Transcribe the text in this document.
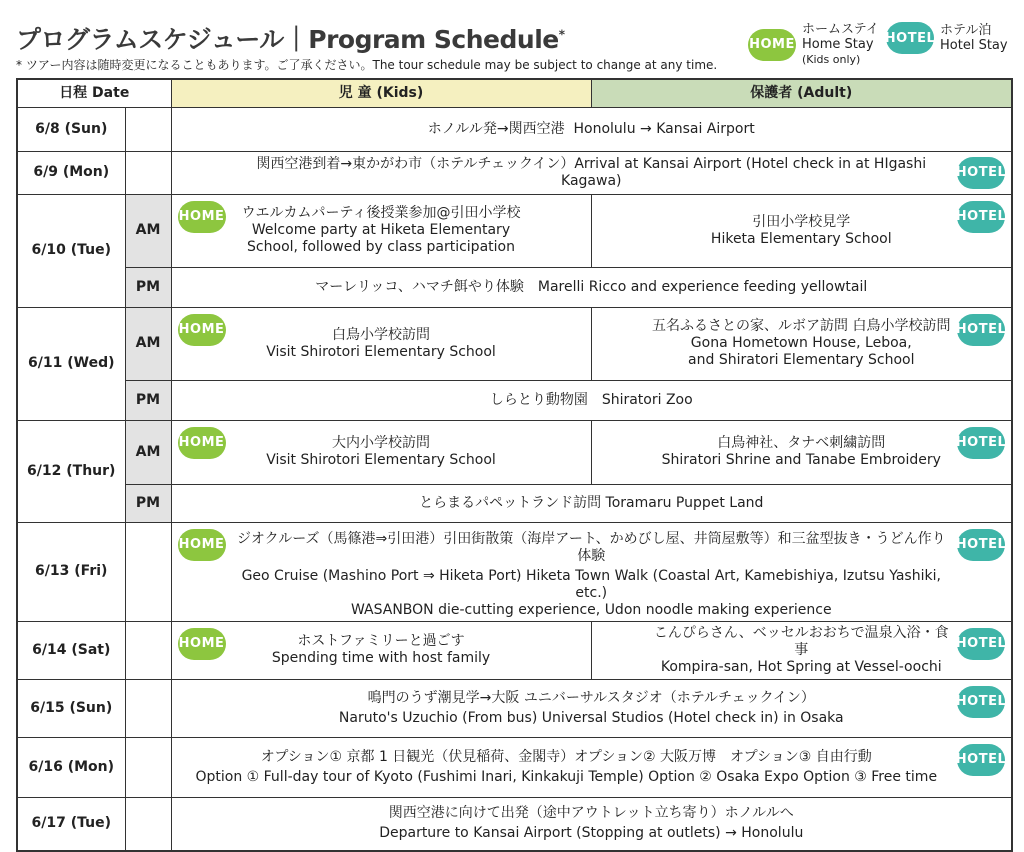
プログラムスケジュール｜Program Schedule*
* ツアー内容は随時変更になることもあります。ご了承ください。The tour schedule may be subject to change at any time.
HOME
ホームステイ
Home Stay
(Kids only)
HOTEL ホテル泊
Hotel Stay
日程 Date		児 童 (Kids)	保護者 (Adult)
6/8 (Sun)		ホノルル発→関西空港 Honolulu → Kansai Airport	
6/9 (Mon)		関西空港到着→東かがわ市（ホテルチェックイン）Arrival at Kansai Airport (Hotel check in at HIgashi Kagawa) HOTEL	

6/10 (Tue)	AM	HOME ウエルカムパーティ後授業参加@引田小学校
Welcome party at Hiketa Elementary
School, followed by class participation	HOTEL
引田小学校見学
Hiketa Elementary School

	PM	マーレリッコ、ハマチ餌やり体験　Marelli Ricco and experience feeding yellowtail	
6/11 (Wed)	AM	HOME 白鳥小学校訪問
Visit Shirotori Elementary School	HOTEL
五名ふるさとの家、ルボア訪問 白鳥小学校訪問
Gona Hometown House, Leboa,
and Shiratori Elementary School

	PM	しらとり動物園　Shiratori Zoo	
6/12 (Thur)	AM	HOME 大内小学校訪問
Visit Shirotori Elementary School	HOTEL
白鳥神社、タナベ刺繍訪問
Shiratori Shrine and Tanabe Embroidery

	PM	とらまるパペットランド訪問 Toramaru Puppet Land	
6/13 (Fri)		HOME HOTEL
ジオクルーズ（馬篠港⇒引田港）引田街散策（海岸アート、かめびし屋、井筒屋敷等）和三盆型抜き・うどん作り体験
Geo Cruise (Mashino Port ⇒ Hiketa Port) Hiketa Town Walk (Coastal Art, Kamebishiya, Izutsu Yashiki, etc.)
WASANBON die-cutting experience, Udon noodle making experience	

6/14 (Sat)		HOME ホストファミリーと過ごす
Spending time with host family	HOTEL
こんぴらさん、ベッセルおおちで温泉入浴・食事
Kompira-san, Hot Spring at Vessel-oochi

6/15 (Sun)		HOTEL
鳴門のうず潮見学→大阪 ユニバーサルスタジオ（ホテルチェックイン）
Naruto's Uzuchio (From bus) Universal Studios (Hotel check in) in Osaka	

6/16 (Mon)		HOTEL
オプション① 京都 1 日観光（伏見稲荷、金閣寺）オプション② 大阪万博　オプション③ 自由行動
Option ① Full-day tour of Kyoto (Fushimi Inari, Kinkakuji Temple) Option ② Osaka Expo Option ③ Free time	

6/17 (Tue)		関西空港に向けて出発（途中アウトレット立ち寄り）ホノルルへ
Departure to Kansai Airport (Stopping at outlets) → Honolulu	
